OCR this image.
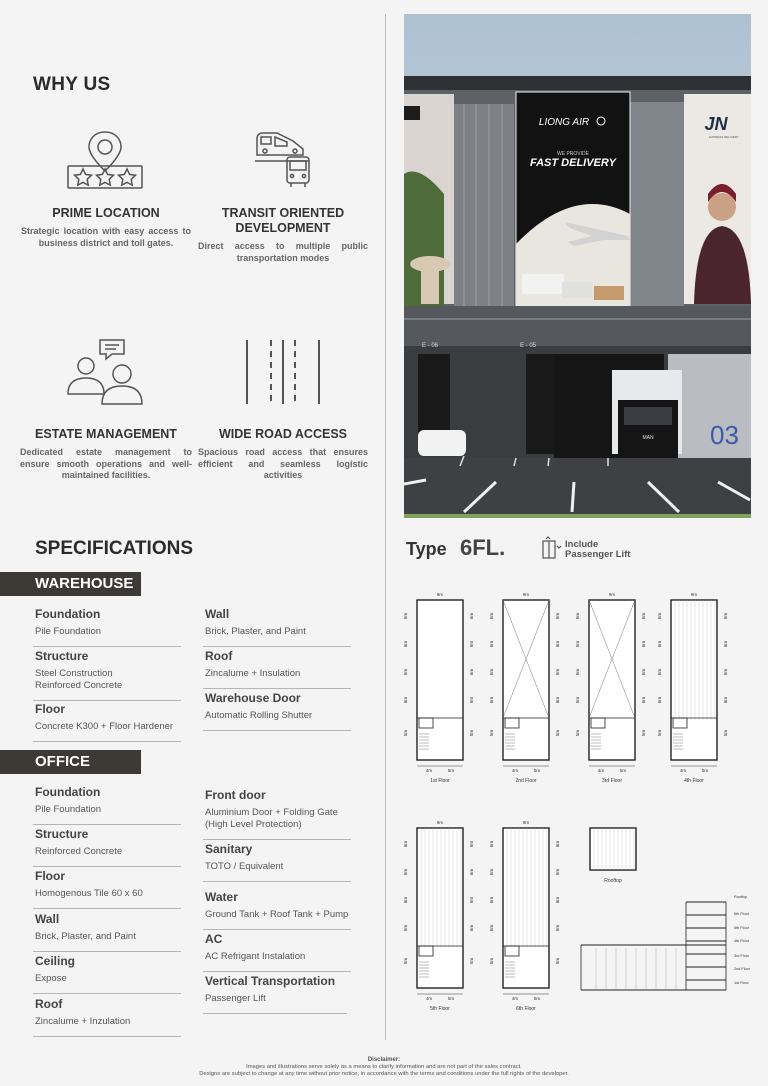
WHY US
PRIME LOCATION

Strategic location with easy access to business district and toll gates.

TRANSIT ORIENTED DEVELOPMENT

Direct access to multiple public transportation modes

ESTATE MANAGEMENT

Dedicated estate management to ensure smooth operations and well-maintained facilities.

WIDE ROAD ACCESS

Spacious road access that ensures efficient and seamless logistic activities

LIONG AIR
WE PROVIDE
FAST DELIVERY
JN
EXPRESS DELIVERY
E - 06	E - 05
03
MAN
SPECIFICATIONS
WAREHOUSE
Foundation
Pile Foundation
Structure
Steel Construction
Reinforced Concrete
Floor
Concrete K300 + Floor Hardener
Wall
Brick, Plaster, and Paint
Roof
Zincalume + Insulation
Warehouse Door
Automatic Rolling Shutter
OFFICE
Foundation
Pile Foundation
Structure
Reinforced Concrete
Floor
Homogenous Tile 60 x 60
Wall
Brick, Plaster, and Paint
Ceiling
Expose
Roof
Zincalume + Inzulation
Front door
Aluminium Door + Folding Gate
(High Level Protection)
Sanitary
TOTO / Equivalent
Water
Ground Tank + Roof Tank + Pump
AC
AC Refrigant Instalation
Vertical Transportation
Passenger Lift
Type 6FL.	Include
Passenger Lift
9m
6m
6m
6m
6m
6m
6m
6m
6m
5m
5m
4m	5m
1st Floor
9m
6m
6m
6m
6m
6m
6m
6m
6m
5m
5m
4m	5m
2nd Floor
9m
6m
6m
6m
6m
6m
6m
6m
6m
5m
5m
4m	5m
3rd Floor
9m
6m
6m
6m
6m
6m
6m
6m
6m
5m
5m
4m	5m
4th Floor
9m
6m
6m
6m
6m
6m
6m
6m
6m
5m
5m
4m	5m
5th Floor
9m
6m
6m
6m
6m
6m
6m
6m
6m
5m
5m
4m	5m
6th Floor
Rooftop
Rooftop
6th Floor
5th Floor
4th Floor
3rd Floor
2nd Floor
1st Floor
Disclaimer:
Images and illustrations serve solely as a means to clarify information and are not part of the sales contract.
Designs are subject to change at any time without prior notice, in accordance with the terms and conditions under the full rights of the developer.
